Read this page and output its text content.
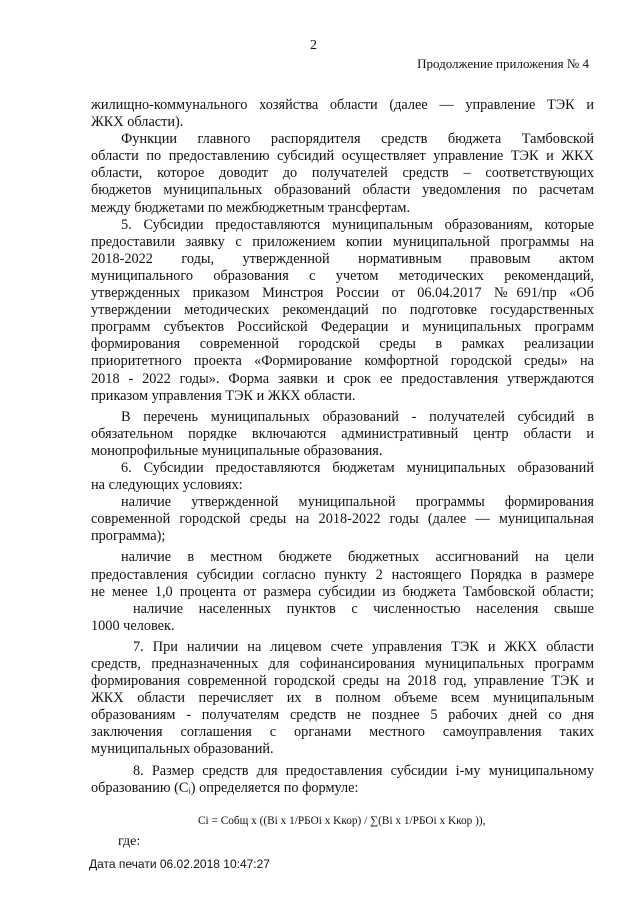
2
Продолжение приложения № 4
жилищно-коммунального хозяйства области (далее — управление ТЭК и
ЖКХ области).
Функции главного распорядителя средств бюджета Тамбовской
области по предоставлению субсидий осуществляет управление ТЭК и ЖКХ
области, которое доводит до получателей средств – соответствующих
бюджетов муниципальных образований области уведомления по расчетам
между бюджетами по межбюджетным трансфертам.
5. Субсидии предоставляются муниципальным образованиям, которые
предоставили заявку с приложением копии муниципальной программы на
2018-2022 годы, утвержденной нормативным правовым актом
муниципального образования с учетом методических рекомендаций,
утвержденных приказом Минстроя России от 06.04.2017 №691/пр «Об
утверждении методических рекомендаций по подготовке государственных
программ субъектов Российской Федерации и муниципальных программ
формирования современной городской среды в рамках реализации
приоритетного проекта «Формирование комфортной городской среды» на
2018 - 2022 годы». Форма заявки и срок ее предоставления утверждаются
приказом управления ТЭК и ЖКХ области.
В перечень муниципальных образований - получателей субсидий в
обязательном порядке включаются административный центр области и
монопрофильные муниципальные образования.
6. Субсидии предоставляются бюджетам муниципальных образований
на следующих условиях:
наличие утвержденной муниципальной программы формирования
современной городской среды на 2018-2022 годы (далее — муниципальная
программа);
наличие в местном бюджете бюджетных ассигнований на цели
предоставления субсидии согласно пункту 2 настоящего Порядка в размере
не менее 1,0 процента от размера субсидии из бюджета Тамбовской области;
наличие населенных пунктов с численностью населения свыше
1000 человек.
7. При наличии на лицевом счете управления ТЭК и ЖКХ области
средств, предназначенных для софинансирования муниципальных программ
формирования современной городской среды на 2018 год, управление ТЭК и
ЖКХ области перечисляет их в полном объеме всем муниципальным
образованиям - получателям средств не позднее 5 рабочих дней со дня
заключения соглашения с органами местного самоуправления таких
муниципальных образований.
8. Размер средств для предоставления субсидии i-му муниципальному
образованию (Cᵢ) определяется по формуле:
Ci = Собщ x ((Bi x 1/РБОi x Kкор) / ∑(Bi x 1/РБОi x Kкор )),
где:
Дата печати 06.02.2018 10:47:27
